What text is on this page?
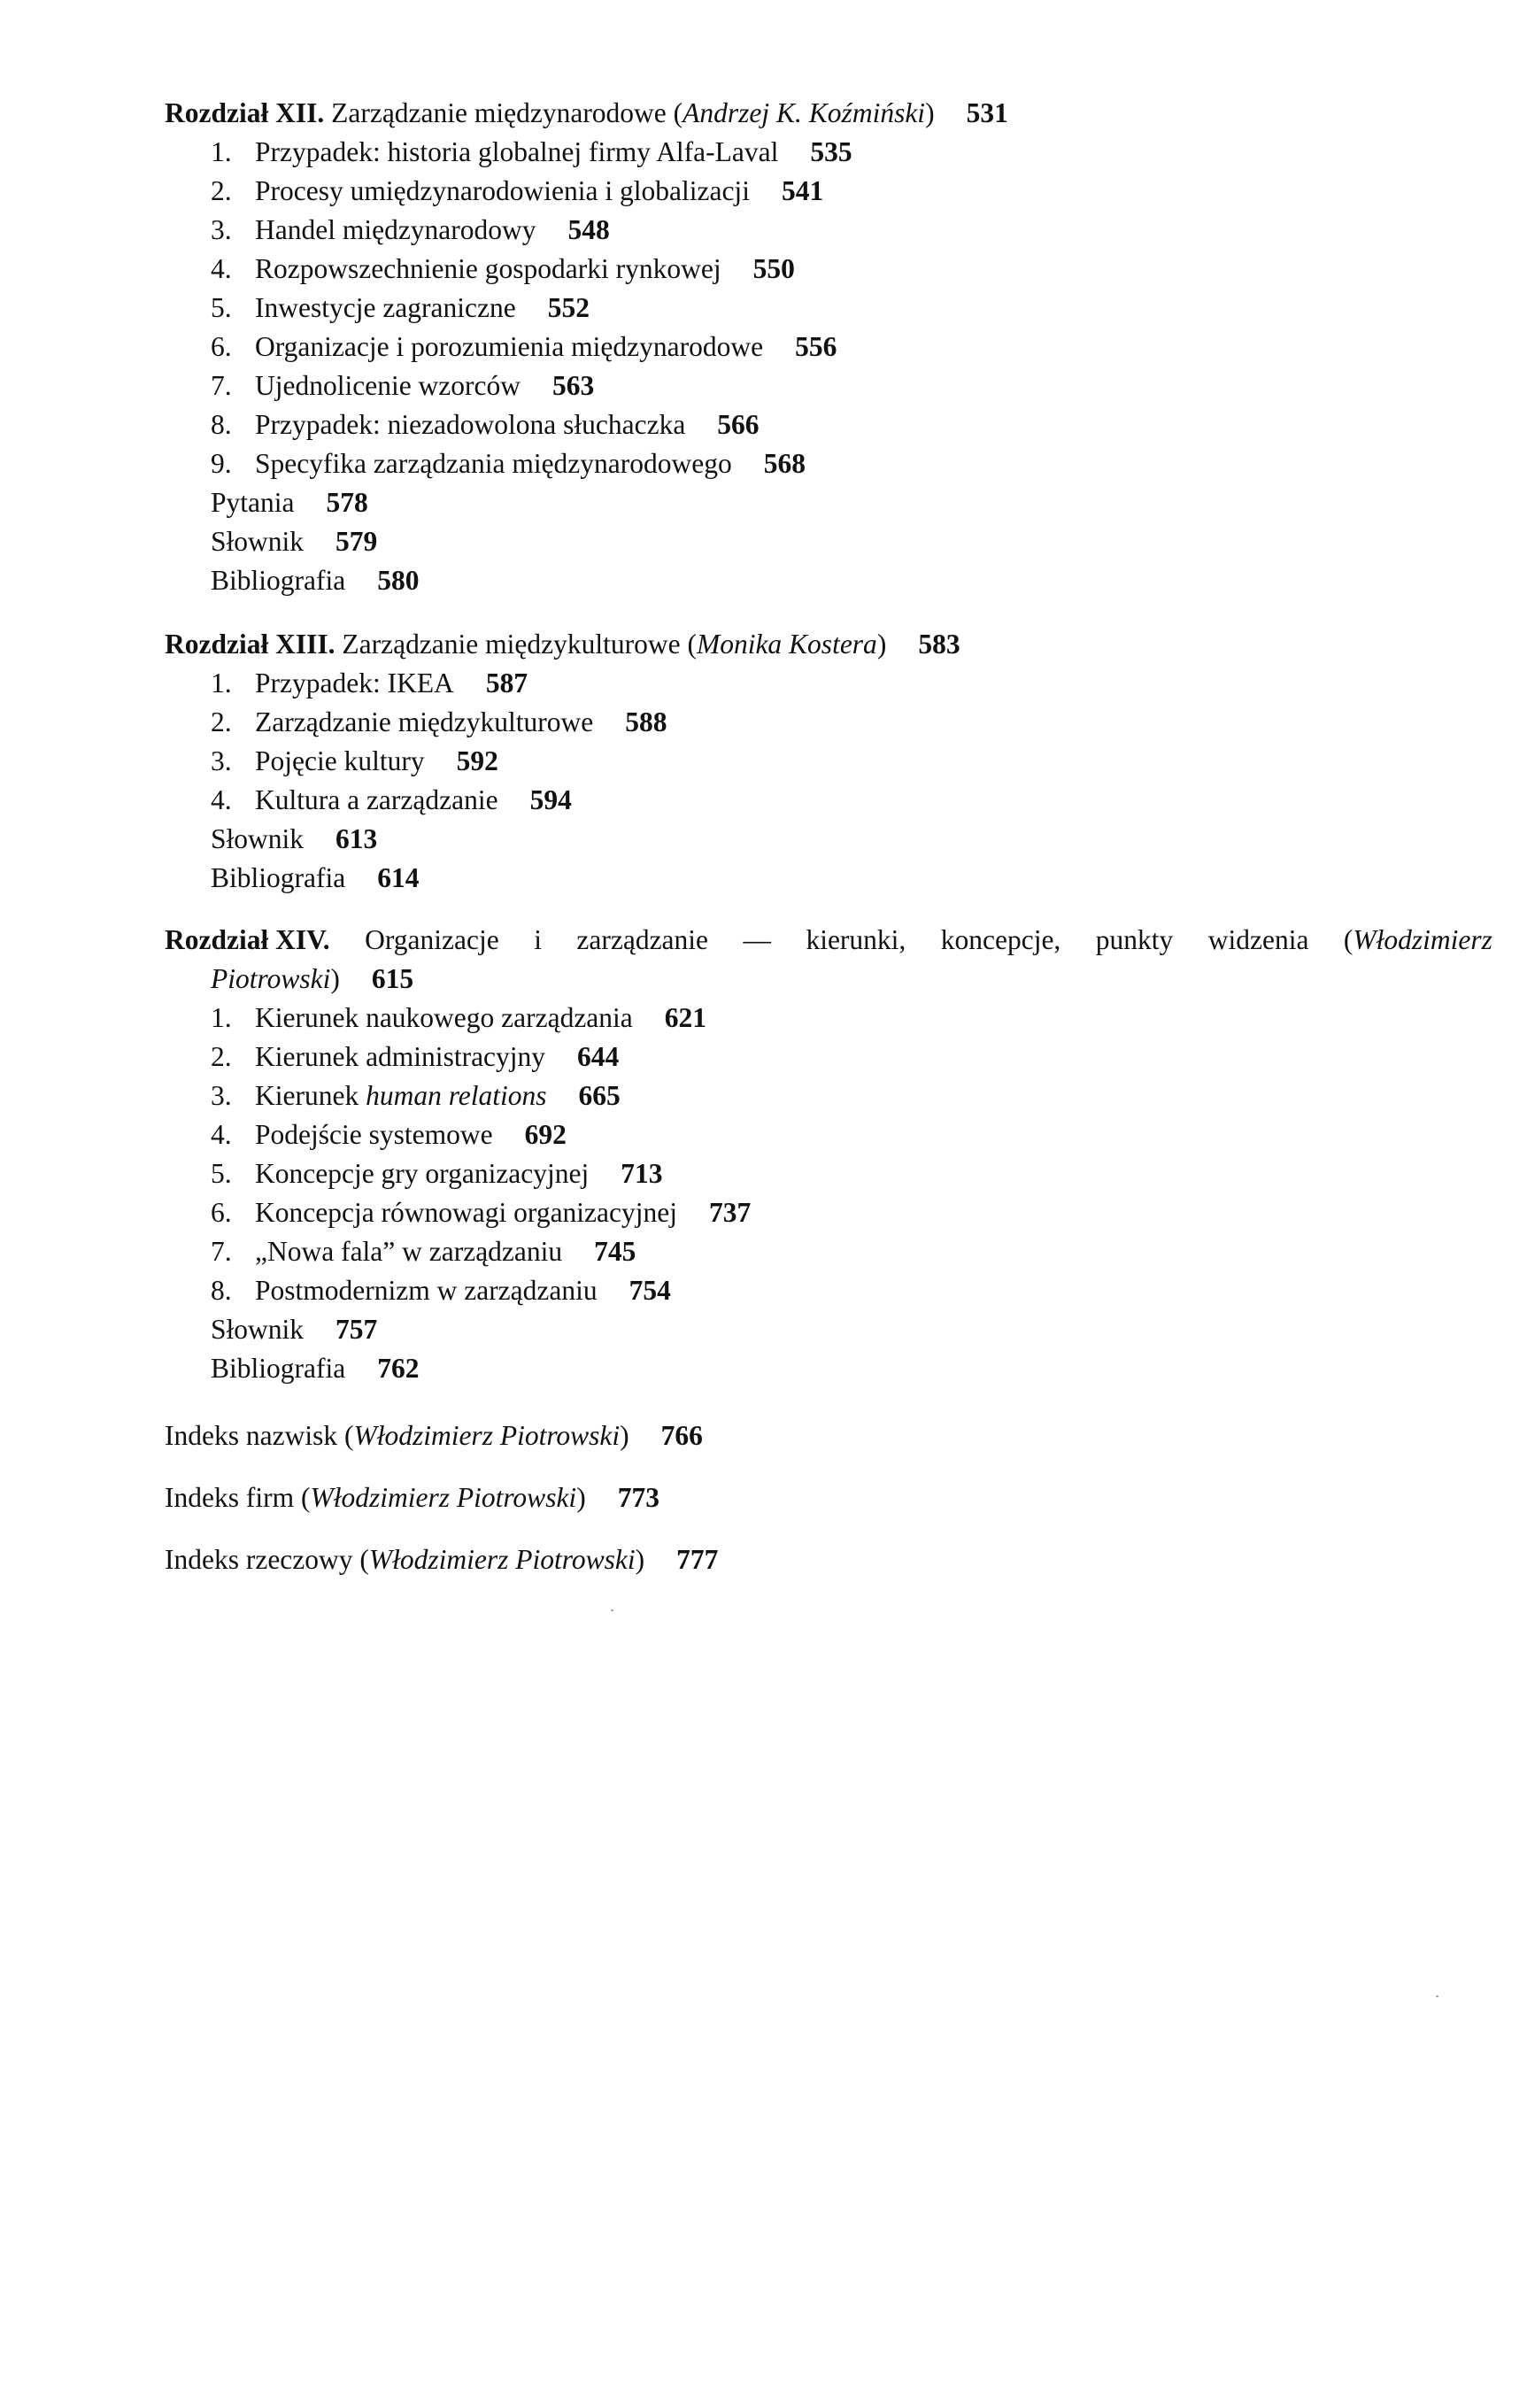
Rozdział XII. Zarządzanie międzynarodowe (Andrzej K. Koźmiński) 531
1. Przypadek: historia globalnej firmy Alfa-Laval 535
2. Procesy umiędzynarodowienia i globalizacji 541
3. Handel międzynarodowy 548
4. Rozpowszechnienie gospodarki rynkowej 550
5. Inwestycje zagraniczne 552
6. Organizacje i porozumienia międzynarodowe 556
7. Ujednolicenie wzorców 563
8. Przypadek: niezadowolona słuchaczka 566
9. Specyfika zarządzania międzynarodowego 568
Pytania 578
Słownik 579
Bibliografia 580
Rozdział XIII. Zarządzanie międzykulturowe (Monika Kostera) 583
1. Przypadek: IKEA 587
2. Zarządzanie międzykulturowe 588
3. Pojęcie kultury 592
4. Kultura a zarządzanie 594
Słownik 613
Bibliografia 614
Rozdział XIV. Organizacje i zarządzanie — kierunki, koncepcje, punkty widzenia (Włodzimierz
Piotrowski) 615
1. Kierunek naukowego zarządzania 621
2. Kierunek administracyjny 644
3. Kierunek human relations 665
4. Podejście systemowe 692
5. Koncepcje gry organizacyjnej 713
6. Koncepcja równowagi organizacyjnej 737
7. „Nowa fala” w zarządzaniu 745
8. Postmodernizm w zarządzaniu 754
Słownik 757
Bibliografia 762
Indeks nazwisk (Włodzimierz Piotrowski) 766
Indeks firm (Włodzimierz Piotrowski) 773
Indeks rzeczowy (Włodzimierz Piotrowski) 777
